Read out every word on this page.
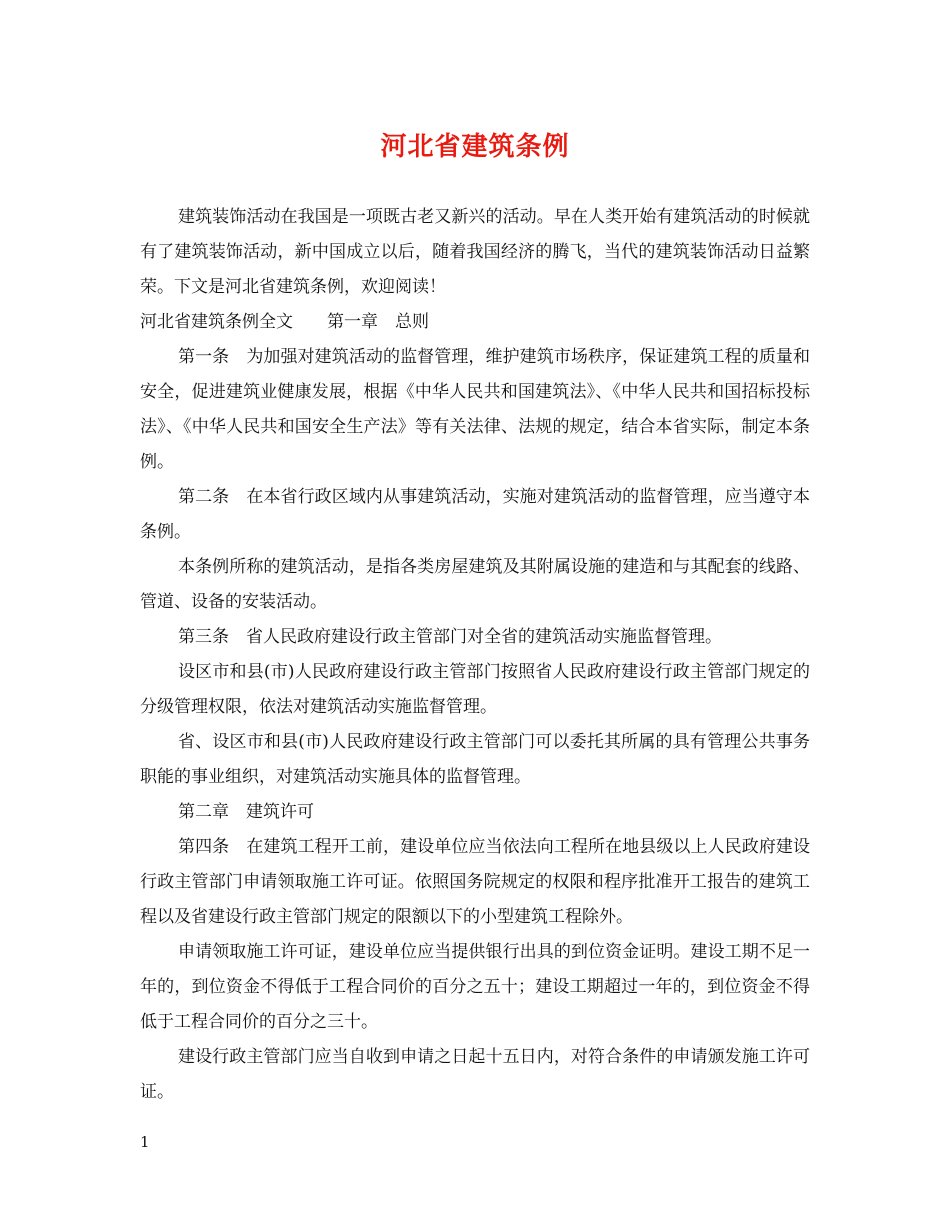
河北省建筑条例

建筑装饰活动在我国是一项既古老又新兴的活动。早在人类开始有建筑活动的时候就有了建筑装饰活动，新中国成立以后，随着我国经济的腾飞，当代的建筑装饰活动日益繁荣。下文是河北省建筑条例，欢迎阅读！

河北省建筑条例全文　　第一章　总则

第一条　为加强对建筑活动的监督管理，维护建筑市场秩序，保证建筑工程的质量和安全，促进建筑业健康发展，根据《中华人民共和国建筑法》、《中华人民共和国招标投标法》、《中华人民共和国安全生产法》等有关法律、法规的规定，结合本省实际，制定本条例。

第二条　在本省行政区域内从事建筑活动，实施对建筑活动的监督管理，应当遵守本条例。

本条例所称的建筑活动，是指各类房屋建筑及其附属设施的建造和与其配套的线路、管道、设备的安装活动。

第三条　省人民政府建设行政主管部门对全省的建筑活动实施监督管理。

设区市和县(市)人民政府建设行政主管部门按照省人民政府建设行政主管部门规定的分级管理权限，依法对建筑活动实施监督管理。

省、设区市和县(市)人民政府建设行政主管部门可以委托其所属的具有管理公共事务职能的事业组织，对建筑活动实施具体的监督管理。

第二章　建筑许可

第四条　在建筑工程开工前，建设单位应当依法向工程所在地县级以上人民政府建设行政主管部门申请领取施工许可证。依照国务院规定的权限和程序批准开工报告的建筑工程以及省建设行政主管部门规定的限额以下的小型建筑工程除外。

申请领取施工许可证，建设单位应当提供银行出具的到位资金证明。建设工期不足一年的，到位资金不得低于工程合同价的百分之五十；建设工期超过一年的，到位资金不得低于工程合同价的百分之三十。

建设行政主管部门应当自收到申请之日起十五日内，对符合条件的申请颁发施工许可证。

1
